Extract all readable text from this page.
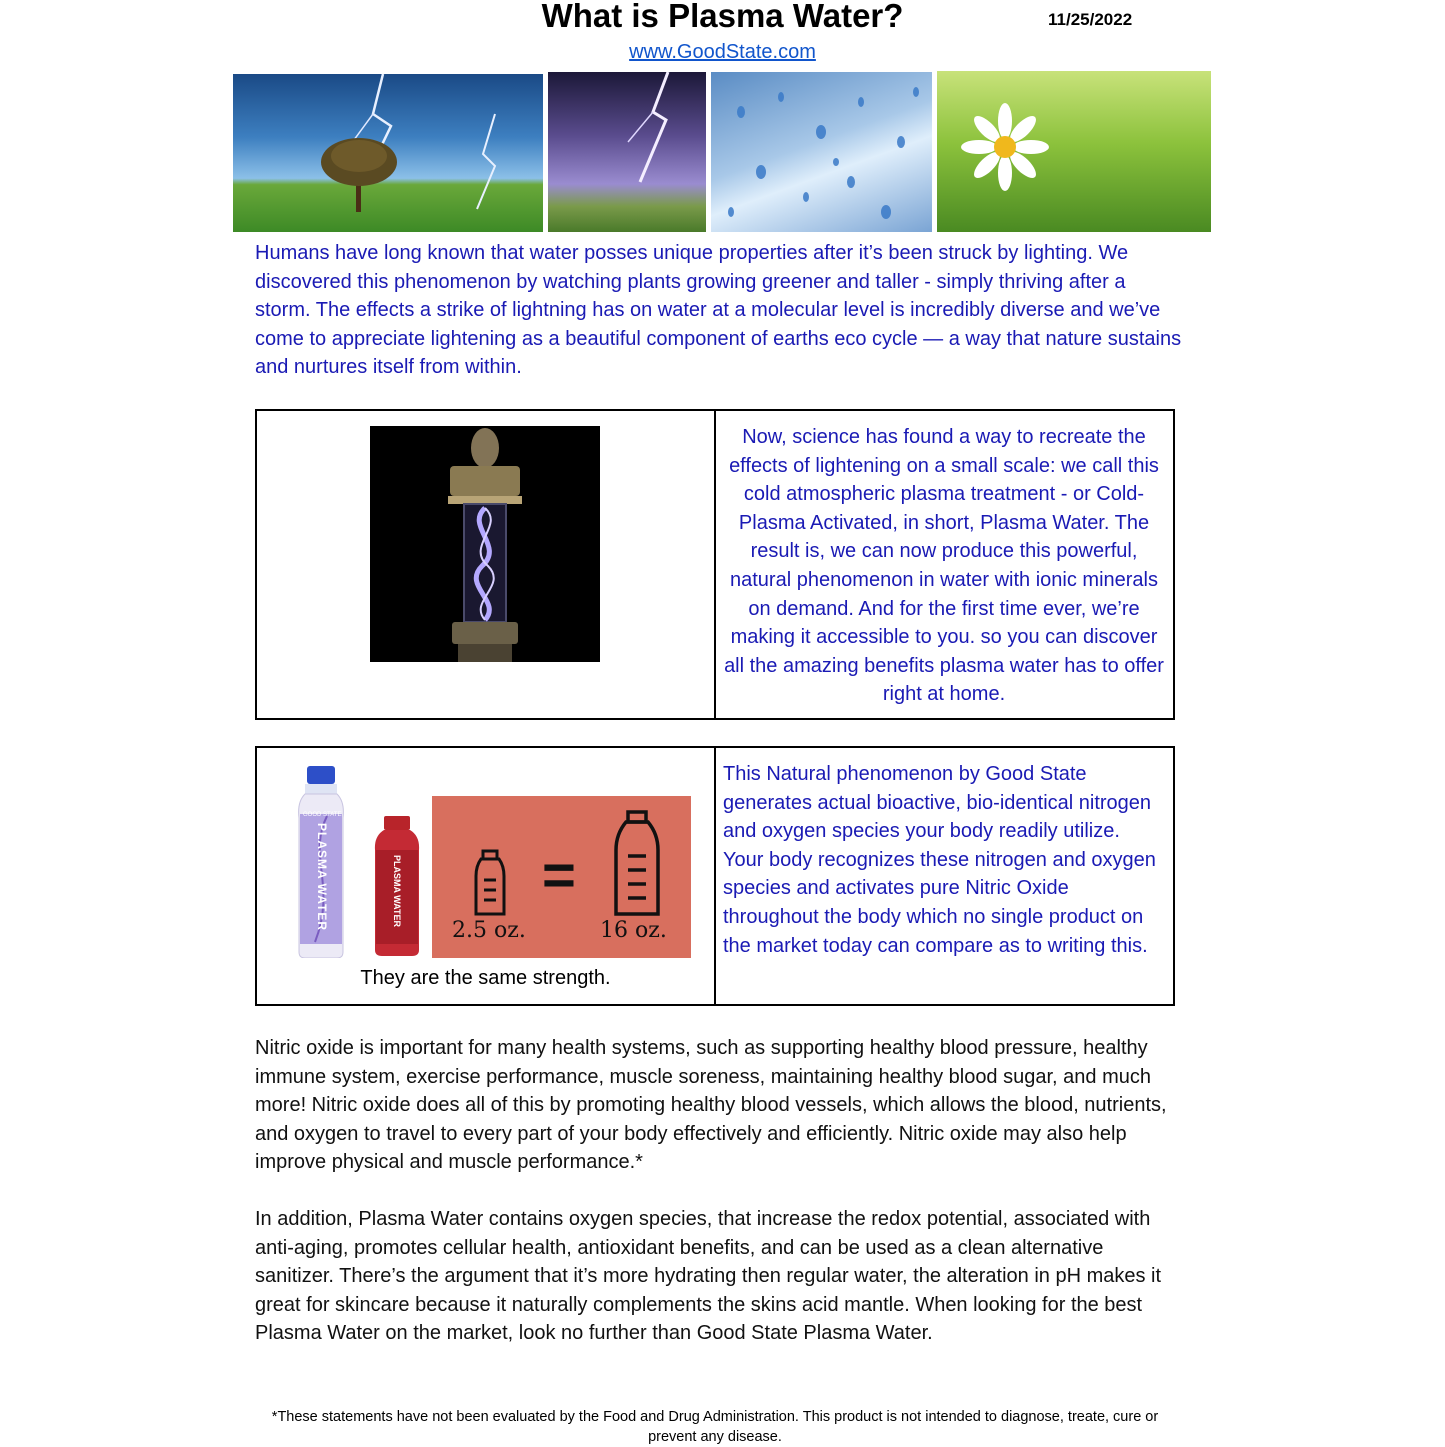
What is Plasma Water?	11/25/2022
www.GoodState.com

Humans have long known that water posses unique properties after it’s been struck by lighting. We discovered this phenomenon by watching plants growing greener and taller - simply thriving after a storm. The effects a strike of lightning has on water at a molecular level is incredibly diverse and we’ve come to appreciate lightening as a beautiful component of earths eco cycle — a way that nature sustains and nurtures itself from within.

Now, science has found a way to recreate the effects of lightening on a small scale: we call this cold atmospheric plasma treatment - or Cold-Plasma Activated, in short, Plasma Water. The result is, we can now produce this powerful, natural phenomenon in water with ionic minerals on demand. And for the first time ever, we’re making it accessible to you. so you can discover all the amazing benefits plasma water has to offer right at home.

GOOD STATE
PLASMA WATER	PLASMA WATER =
2.5 oz.	16 oz.
They are the same strength.

This Natural phenomenon by Good State generates actual bioactive, bio-identical nitrogen and oxygen species your body readily utilize. Your body recognizes these nitrogen and oxygen species and activates pure Nitric Oxide throughout the body which no single product on the market today can compare as to writing this.

Nitric oxide is important for many health systems, such as supporting healthy blood pressure, healthy immune system, exercise performance, muscle soreness, maintaining healthy blood sugar, and much more! Nitric oxide does all of this by promoting healthy blood vessels, which allows the blood, nutrients, and oxygen to travel to every part of your body effectively and efficiently. Nitric oxide may also help improve physical and muscle performance.*

In addition, Plasma Water contains oxygen species, that increase the redox potential, associated with anti-aging, promotes cellular health, antioxidant benefits, and can be used as a clean alternative sanitizer. There’s the argument that it’s more hydrating then regular water, the alteration in pH makes it great for skincare because it naturally complements the skins acid mantle. When looking for the best Plasma Water on the market, look no further than Good State Plasma Water.

*These statements have not been evaluated by the Food and Drug Administration. This product is not intended to diagnose, treate, cure or prevent any disease.
